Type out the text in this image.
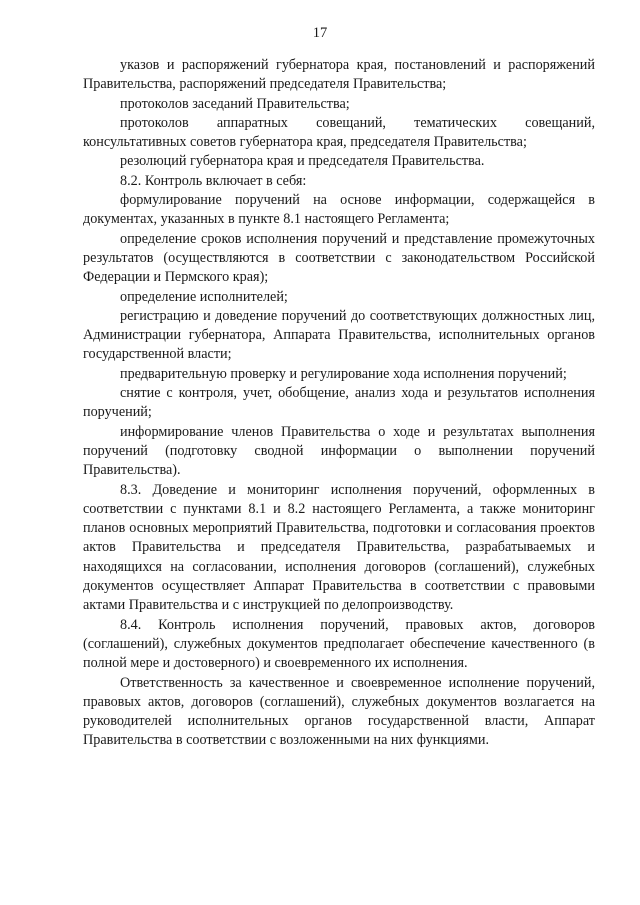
17

указов и распоряжений губернатора края, постановлений и распоряжений Правительства, распоряжений председателя Правительства;

протоколов заседаний Правительства;

протоколов аппаратных совещаний, тематических совещаний, консультативных советов губернатора края, председателя Правительства;

резолюций губернатора края и председателя Правительства.

8.2. Контроль включает в себя:

формулирование поручений на основе информации, содержащейся в документах, указанных в пункте 8.1 настоящего Регламента;

определение сроков исполнения поручений и представление промежуточных результатов (осуществляются в соответствии с законодательством Российской Федерации и Пермского края);

определение исполнителей;

регистрацию и доведение поручений до соответствующих должностных лиц, Администрации губернатора, Аппарата Правительства, исполнительных органов государственной власти;

предварительную проверку и регулирование хода исполнения поручений;

снятие с контроля, учет, обобщение, анализ хода и результатов исполнения поручений;

информирование членов Правительства о ходе и результатах выполнения поручений (подготовку сводной информации о выполнении поручений Правительства).

8.3. Доведение и мониторинг исполнения поручений, оформленных в соответствии с пунктами 8.1 и 8.2 настоящего Регламента, а также мониторинг планов основных мероприятий Правительства, подготовки и согласования проектов актов Правительства и председателя Правительства, разрабатываемых и находящихся на согласовании, исполнения договоров (соглашений), служебных документов осуществляет Аппарат Правительства в соответствии с правовыми актами Правительства и с инструкцией по делопроизводству.

8.4. Контроль исполнения поручений, правовых актов, договоров (соглашений), служебных документов предполагает обеспечение качественного (в полной мере и достоверного) и своевременного их исполнения.

Ответственность за качественное и своевременное исполнение поручений, правовых актов, договоров (соглашений), служебных документов возлагается на руководителей исполнительных органов государственной власти, Аппарат Правительства в соответствии с возложенными на них функциями.
